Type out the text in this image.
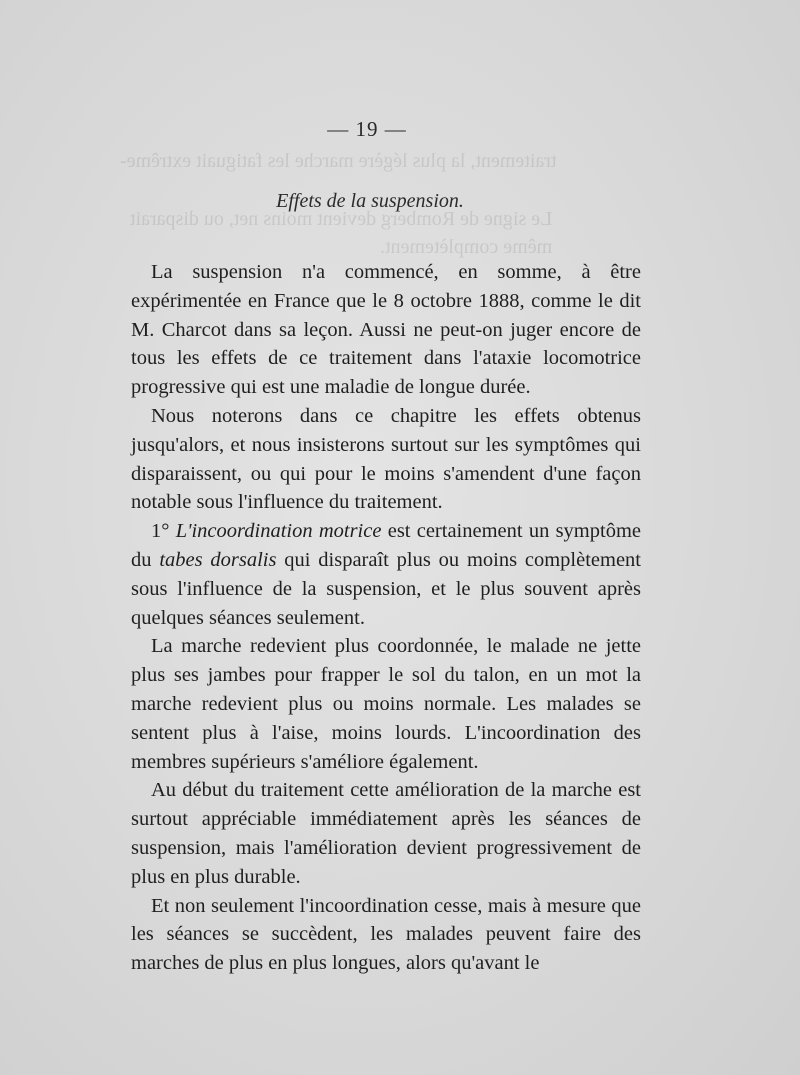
traitement, la plus légère marche les fatiguait extrême-
Le signe de Romberg devient moins net, ou disparait
même complètement.
— 19 —
Effets de la suspension.

La suspension n'a commencé, en somme, à être expérimentée en France que le 8 octobre 1888, comme le dit M. Charcot dans sa leçon. Aussi ne peut-on juger encore de tous les effets de ce traitement dans l'ataxie locomotrice progressive qui est une maladie de longue durée.

Nous noterons dans ce chapitre les effets obtenus jusqu'alors, et nous insisterons surtout sur les symptômes qui disparaissent, ou qui pour le moins s'amendent d'une façon notable sous l'influence du traitement.

1° L'incoordination motrice est certainement un symptôme du tabes dorsalis qui disparaît plus ou moins complètement sous l'influence de la suspension, et le plus souvent après quelques séances seulement.

La marche redevient plus coordonnée, le malade ne jette plus ses jambes pour frapper le sol du talon, en un mot la marche redevient plus ou moins normale. Les malades se sentent plus à l'aise, moins lourds. L'incoordination des membres supérieurs s'améliore également.

Au début du traitement cette amélioration de la marche est surtout appréciable immédiatement après les séances de suspension, mais l'amélioration devient progressivement de plus en plus durable.

Et non seulement l'incoordination cesse, mais à mesure que les séances se succèdent, les malades peuvent faire des marches de plus en plus longues, alors qu'avant le
